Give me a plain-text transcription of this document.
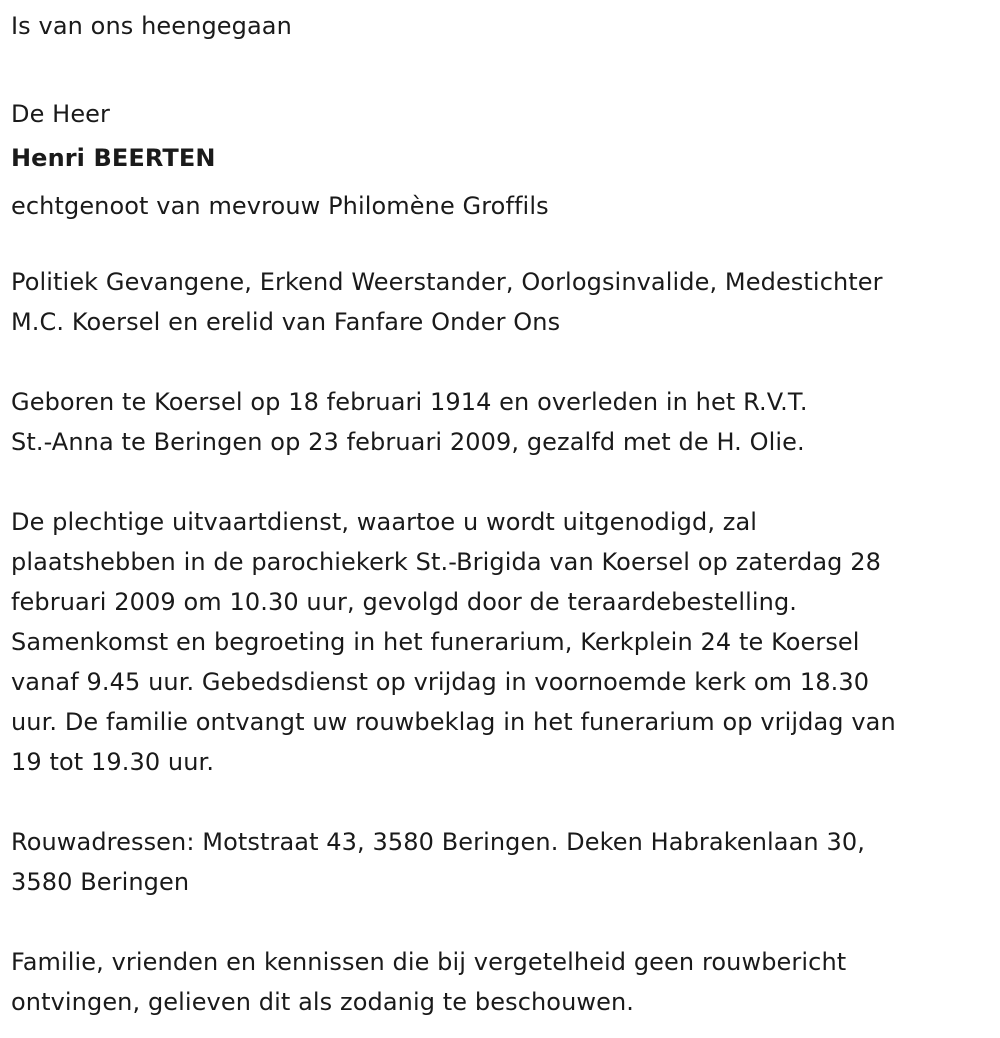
Is van ons heengegaan
De Heer
Henri BEERTEN
echtgenoot van mevrouw Philomène Groffils
Politiek Gevangene, Erkend Weerstander, Oorlogsinvalide, Medestichter
M.C. Koersel en erelid van Fanfare Onder Ons
Geboren te Koersel op 18 februari 1914 en overleden in het R.V.T.
St.-Anna te Beringen op 23 februari 2009, gezalfd met de H. Olie.
De plechtige uitvaartdienst, waartoe u wordt uitgenodigd, zal
plaatshebben in de parochiekerk St.-Brigida van Koersel op zaterdag 28
februari 2009 om 10.30 uur, gevolgd door de teraardebestelling.
Samenkomst en begroeting in het funerarium, Kerkplein 24 te Koersel
vanaf 9.45 uur. Gebedsdienst op vrijdag in voornoemde kerk om 18.30
uur. De familie ontvangt uw rouwbeklag in het funerarium op vrijdag van
19 tot 19.30 uur.
Rouwadressen: Motstraat 43, 3580 Beringen. Deken Habrakenlaan 30,
3580 Beringen
Familie, vrienden en kennissen die bij vergetelheid geen rouwbericht
ontvingen, gelieven dit als zodanig te beschouwen.
